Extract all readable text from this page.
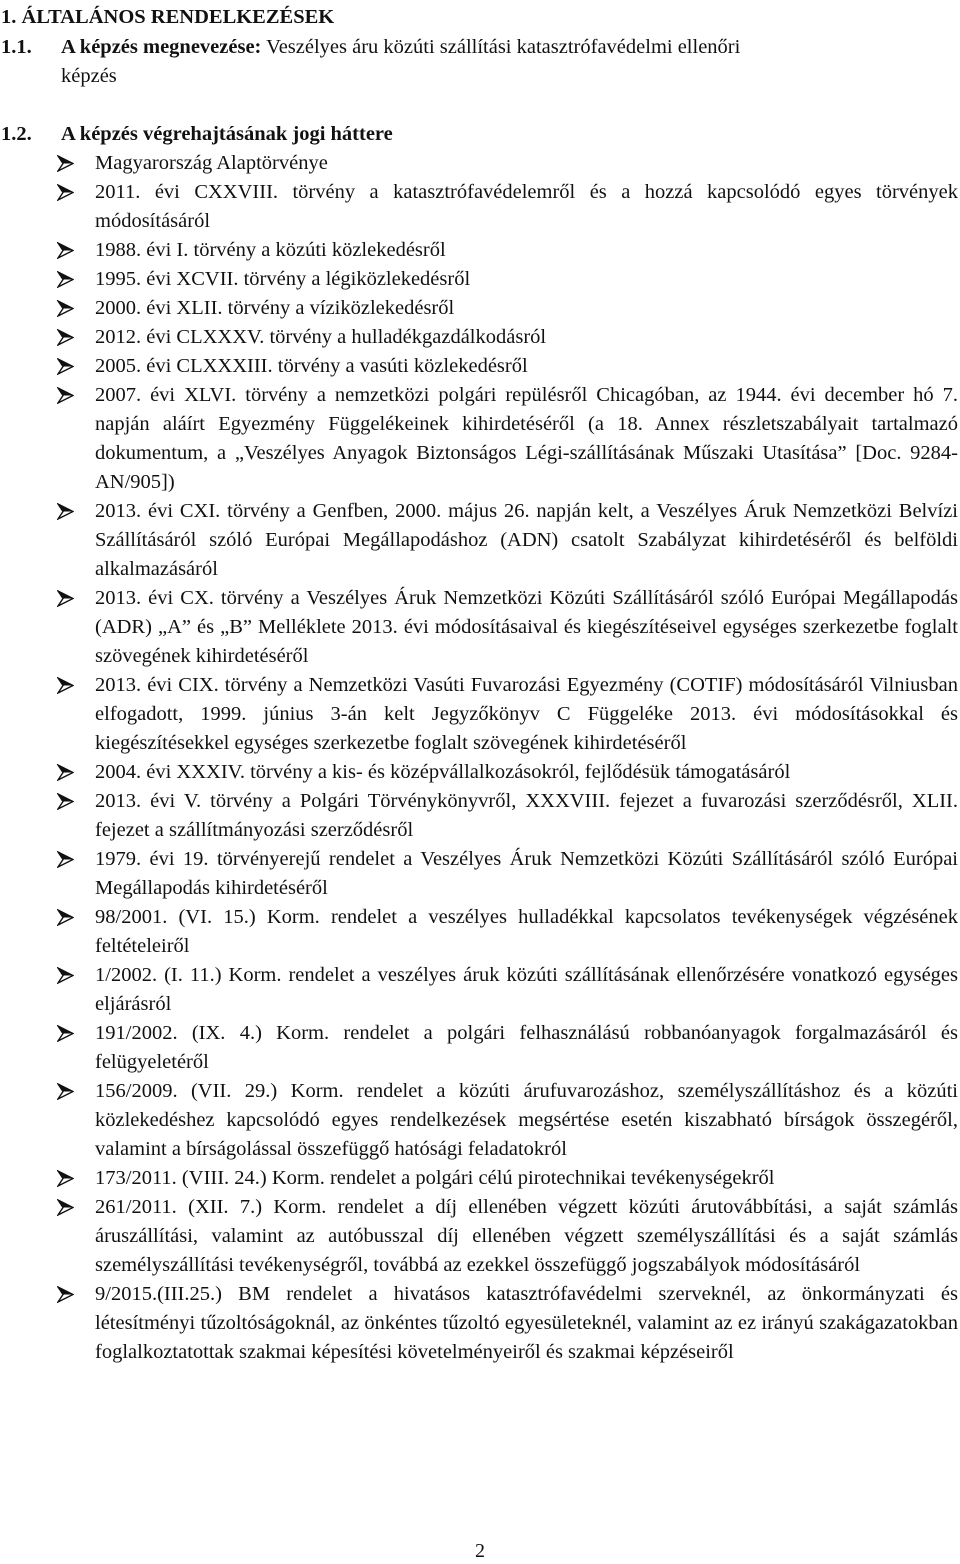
1. ÁLTALÁNOS RENDELKEZÉSEK
1.1. A képzés megnevezése: Veszélyes áru közúti szállítási katasztrófavédelmi ellenőri
képzés
1.2. A képzés végrehajtásának jogi háttere
Magyarország Alaptörvénye
2011. évi CXXVIII. törvény a katasztrófavédelemről és a hozzá kapcsolódó egyes törvények módosításáról
1988. évi I. törvény a közúti közlekedésről
1995. évi XCVII. törvény a légiközlekedésről
2000. évi XLII. törvény a víziközlekedésről
2012. évi CLXXXV. törvény a hulladékgazdálkodásról
2005. évi CLXXXIII. törvény a vasúti közlekedésről
2007. évi XLVI. törvény a nemzetközi polgári repülésről Chicagóban, az 1944. évi december hó 7. napján aláírt Egyezmény Függelékeinek kihirdetéséről (a 18. Annex részletszabályait tartalmazó dokumentum, a „Veszélyes Anyagok Biztonságos Légi-szállításának Műszaki Utasítása” [Doc. 9284-AN/905])
2013. évi CXI. törvény a Genfben, 2000. május 26. napján kelt, a Veszélyes Áruk Nemzetközi Belvízi Szállításáról szóló Európai Megállapodáshoz (ADN) csatolt Szabályzat kihirdetéséről és belföldi alkalmazásáról
2013. évi CX. törvény a Veszélyes Áruk Nemzetközi Közúti Szállításáról szóló Európai Megállapodás (ADR) „A” és „B” Melléklete 2013. évi módosításaival és kiegészítéseivel egységes szerkezetbe foglalt szövegének kihirdetéséről
2013. évi CIX. törvény a Nemzetközi Vasúti Fuvarozási Egyezmény (COTIF) módosításáról Vilniusban elfogadott, 1999. június 3-án kelt Jegyzőkönyv C Függeléke 2013. évi módosításokkal és kiegészítésekkel egységes szerkezetbe foglalt szövegének kihirdetéséről
2004. évi XXXIV. törvény a kis- és középvállalkozásokról, fejlődésük támogatásáról
2013. évi V. törvény a Polgári Törvénykönyvről, XXXVIII. fejezet a fuvarozási szerződésről, XLII. fejezet a szállítmányozási szerződésről
1979. évi 19. törvényerejű rendelet a Veszélyes Áruk Nemzetközi Közúti Szállításáról szóló Európai Megállapodás kihirdetéséről
98/2001. (VI. 15.) Korm. rendelet a veszélyes hulladékkal kapcsolatos tevékenységek végzésének feltételeiről
1/2002. (I. 11.) Korm. rendelet a veszélyes áruk közúti szállításának ellenőrzésére vonatkozó egységes eljárásról
191/2002. (IX. 4.) Korm. rendelet a polgári felhasználású robbanóanyagok forgalmazásáról és felügyeletéről
156/2009. (VII. 29.) Korm. rendelet a közúti árufuvarozáshoz, személyszállításhoz és a közúti közlekedéshez kapcsolódó egyes rendelkezések megsértése esetén kiszabható bírságok összegéről, valamint a bírságolással összefüggő hatósági feladatokról
173/2011. (VIII. 24.) Korm. rendelet a polgári célú pirotechnikai tevékenységekről
261/2011. (XII. 7.) Korm. rendelet a díj ellenében végzett közúti árutovábbítási, a saját számlás áruszállítási, valamint az autóbusszal díj ellenében végzett személyszállítási és a saját számlás személyszállítási tevékenységről, továbbá az ezekkel összefüggő jogszabályok módosításáról
9/2015.(III.25.) BM rendelet a hivatásos katasztrófavédelmi szerveknél, az önkormányzati és létesítményi tűzoltóságoknál, az önkéntes tűzoltó egyesületeknél, valamint az ez irányú szakágazatokban foglalkoztatottak szakmai képesítési követelményeiről és szakmai képzéseiről
2
